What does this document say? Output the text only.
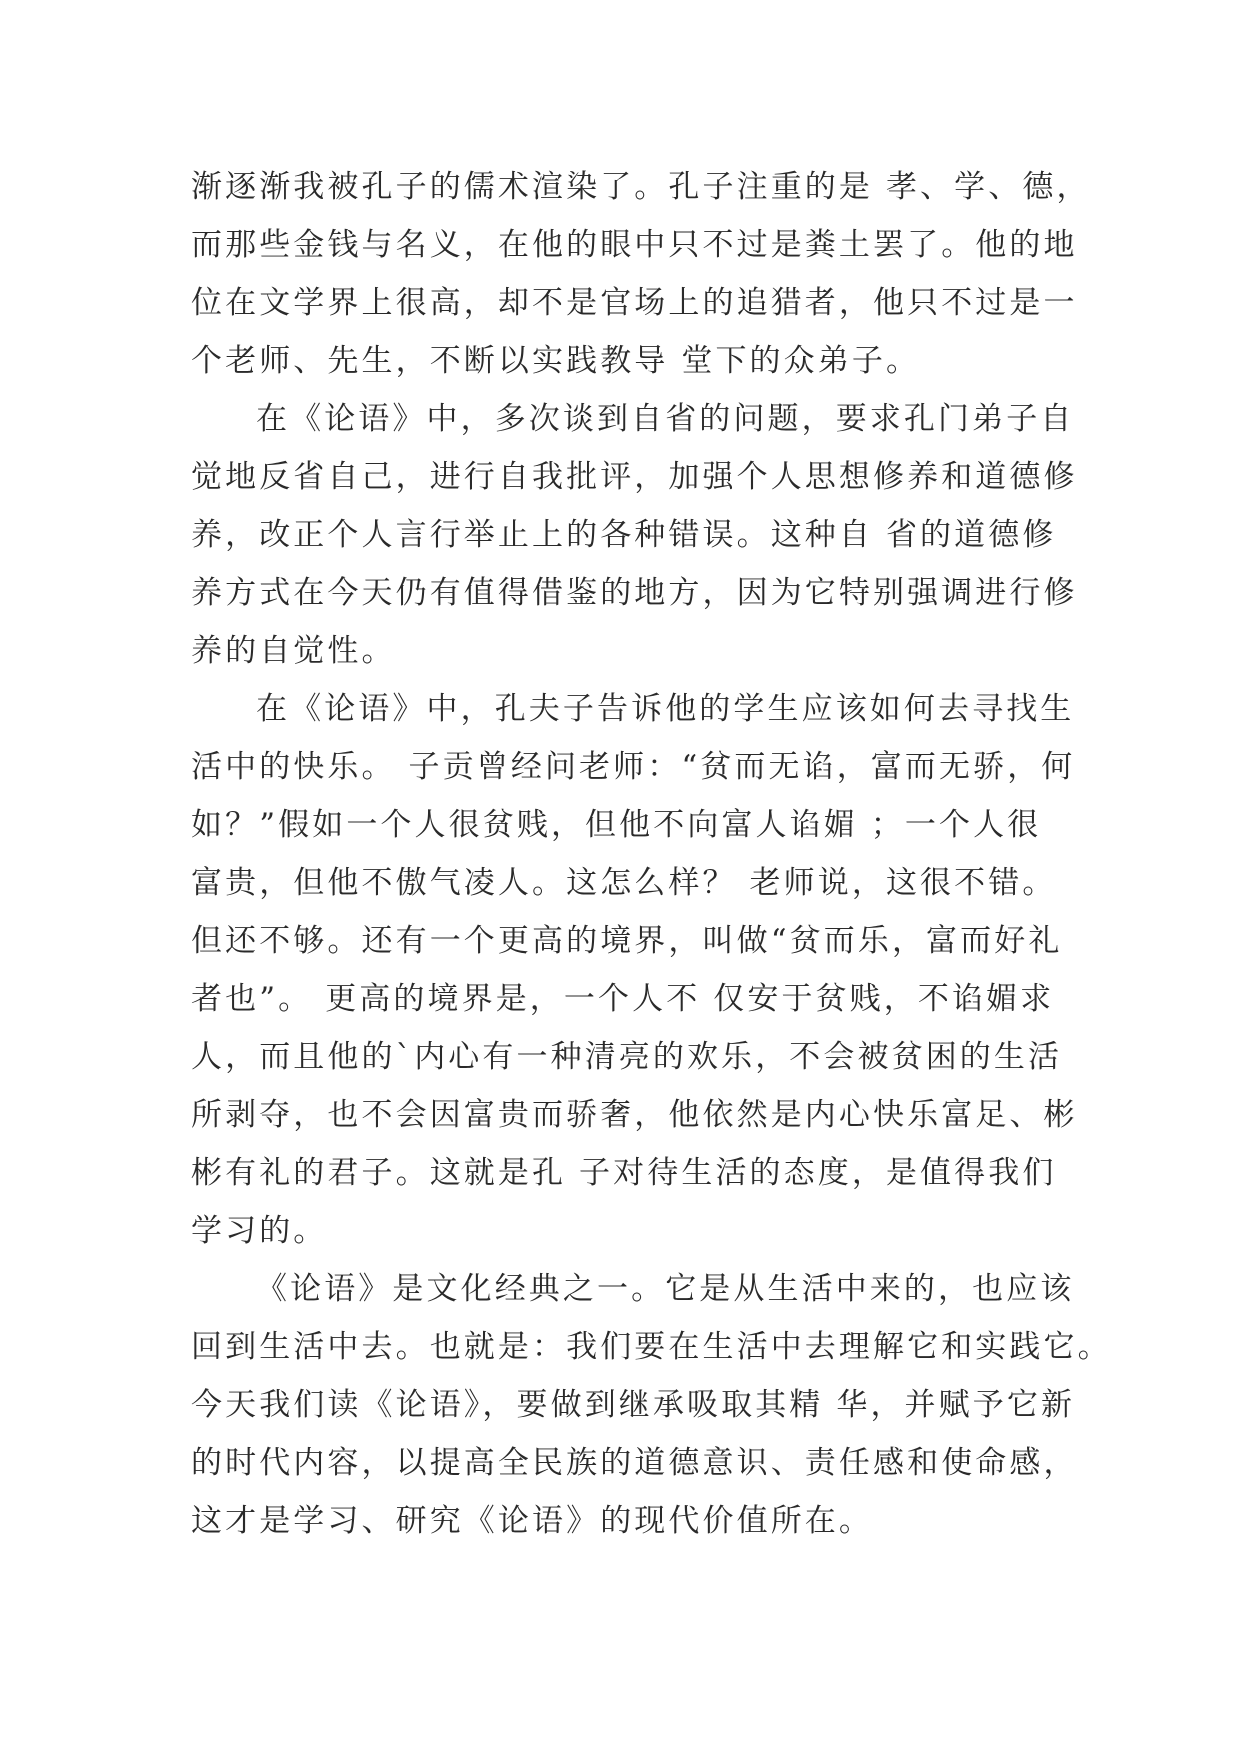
渐逐渐我被孔子的儒术渲染了。孔子注重的是 孝、学、德，
而那些金钱与名义，在他的眼中只不过是粪土罢了。他的地
位在文学界上很高，却不是官场上的追猎者，他只不过是一
个老师、先生，不断以实践教导 堂下的众弟子。
在《论语》中，多次谈到自省的问题，要求孔门弟子自
觉地反省自己，进行自我批评，加强个人思想修养和道德修
养，改正个人言行举止上的各种错误。这种自 省的道德修
养方式在今天仍有值得借鉴的地方，因为它特别强调进行修
养的自觉性。
在《论语》中，孔夫子告诉他的学生应该如何去寻找生
活中的快乐。 子贡曾经问老师：“贫而无谄，富而无骄，何
如？”假如一个人很贫贱，但他不向富人谄媚 ；一个人很
富贵，但他不傲气凌人。这怎么样？ 老师说，这很不错。
但还不够。还有一个更高的境界，叫做“贫而乐，富而好礼
者也”。 更高的境界是，一个人不 仅安于贫贱，不谄媚求
人，而且他的`内心有一种清亮的欢乐，不会被贫困的生活
所剥夺，也不会因富贵而骄奢，他依然是内心快乐富足、彬
彬有礼的君子。这就是孔 子对待生活的态度，是值得我们
学习的。
《论语》是文化经典之一。它是从生活中来的，也应该
回到生活中去。也就是：我们要在生活中去理解它和实践它。
今天我们读《论语》，要做到继承吸取其精 华，并赋予它新
的时代内容，以提高全民族的道德意识、责任感和使命感，
这才是学习、研究《论语》的现代价值所在。
